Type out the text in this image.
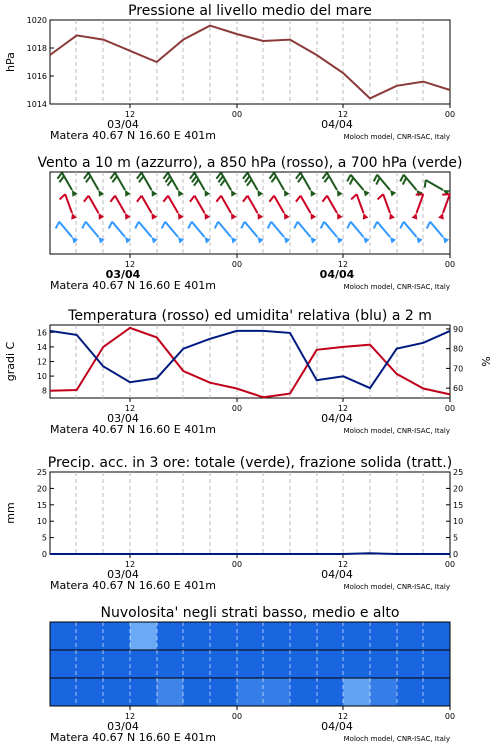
12	00	12	00
03/04	04/04
Matera 40.67 N 16.60 E 401m	Moloch model, CNR-ISAC, Italy
Pressione al livello medio del mare
1014
1016
1018
1020
hPa
12	00	12	00
03/04	04/04
Matera 40.67 N 16.60 E 401m	Moloch model, CNR-ISAC, Italy
Vento a 10 m (azzurro), a 850 hPa (rosso), a 700 hPa (verde)
12	00	12	00
03/04	04/04
Matera 40.67 N 16.60 E 401m	Moloch model, CNR-ISAC, Italy
Temperatura (rosso) ed umidita' relativa (blu) a 2 m
8
10
12
14
16
60
70
80
90
gradi C	%
12	00	12	00
03/04	04/04
Matera 40.67 N 16.60 E 401m	Moloch model, CNR-ISAC, Italy
Precip. acc. in 3 ore: totale (verde), frazione solida (tratt.)
0
5
10
15
20
25
0
5
10
15
20
25
mm
12	00	12	00
03/04	04/04
Matera 40.67 N 16.60 E 401m	Moloch model, CNR-ISAC, Italy
Nuvolosita' negli strati basso, medio e alto
